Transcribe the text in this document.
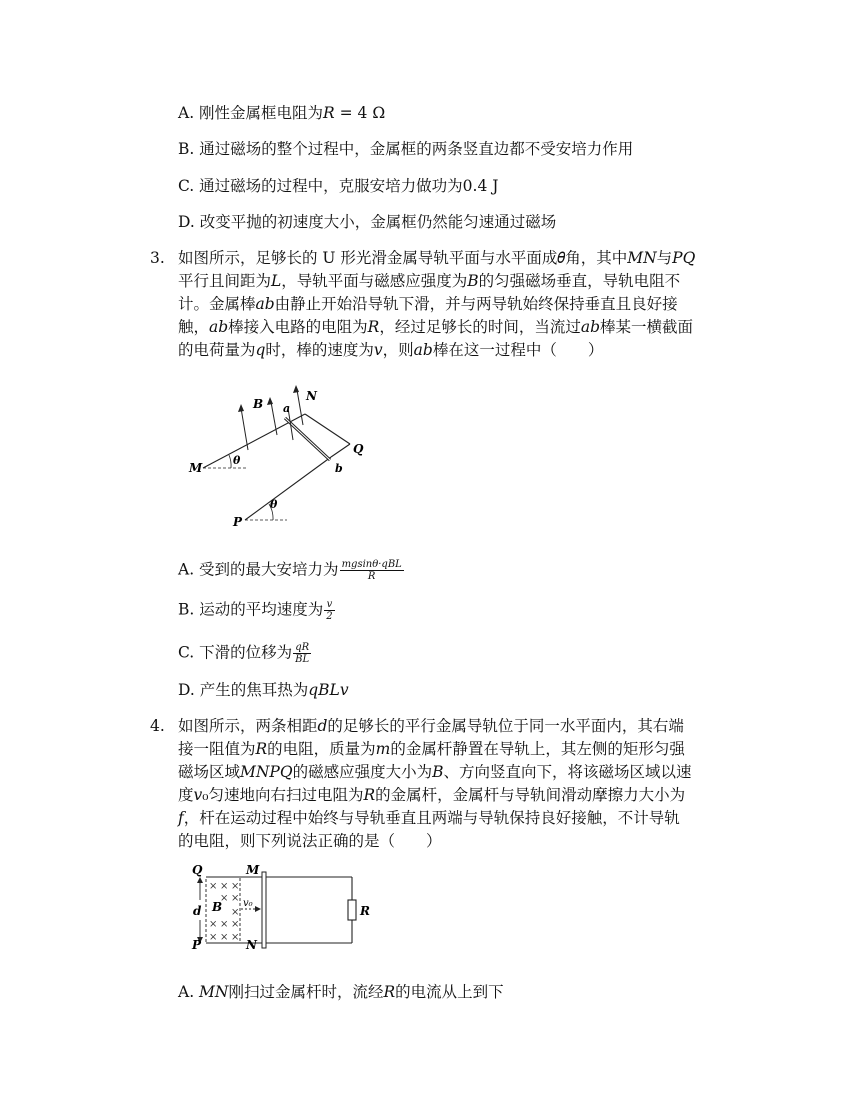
A. 刚性金属框电阻为𝑅 = 4 Ω
B. 通过磁场的整个过程中，金属框的两条竖直边都不受安培力作用
C. 通过磁场的过程中，克服安培力做功为0.4 J
D. 改变平抛的初速度大小，金属框仍然能匀速通过磁场
3. 如图所示，足够长的 U 形光滑金属导轨平面与水平面成𝜃角，其中𝑀𝑁与𝑃𝑄
平行且间距为𝐿，导轨平面与磁感应强度为𝐵的匀强磁场垂直，导轨电阻不
计。金属棒𝑎𝑏由静止开始沿导轨下滑，并与两导轨始终保持垂直且良好接
触，𝑎𝑏棒接入电路的电阻为𝑅，经过足够长的时间，当流过𝑎𝑏棒某一横截面
的电荷量为𝑞时，棒的速度为𝑣，则𝑎𝑏棒在这一过程中（　　）
B a
N
Q
M
θ
b
P
θ
A. 受到的最大安培力为 $\frac{\text{𝑚𝑔sin𝜃·𝑞𝐵𝐿}}{\text{𝑅}}$
B. 运动的平均速度为 $\frac{\text{𝑣}}{2}$
C. 下滑的位移为 $\frac{\text{𝑞𝑅}}{\text{𝐵𝐿}}$
D. 产生的焦耳热为𝑞𝐵𝐿𝑣
4. 如图所示，两条相距𝑑的足够长的平行金属导轨位于同一水平面内，其右端
接一阻值为𝑅的电阻，质量为𝑚的金属杆静置在导轨上，其左侧的矩形匀强
磁场区域𝑀𝑁𝑃𝑄的磁感应强度大小为𝐵、方向竖直向下，将该磁场区域以速
度𝑣₀匀速地向右扫过电阻为𝑅的金属杆，金属杆与导轨间滑动摩擦力大小为
𝑓，杆在运动过程中始终与导轨垂直且两端与导轨保持良好接触，不计导轨
的电阻，则下列说法正确的是（　　）
× × ×
× ×
×
× × ×
× × ×
Q	M
d B v₀
R
P	N
A. 𝑀𝑁刚扫过金属杆时，流经𝑅的电流从上到下
